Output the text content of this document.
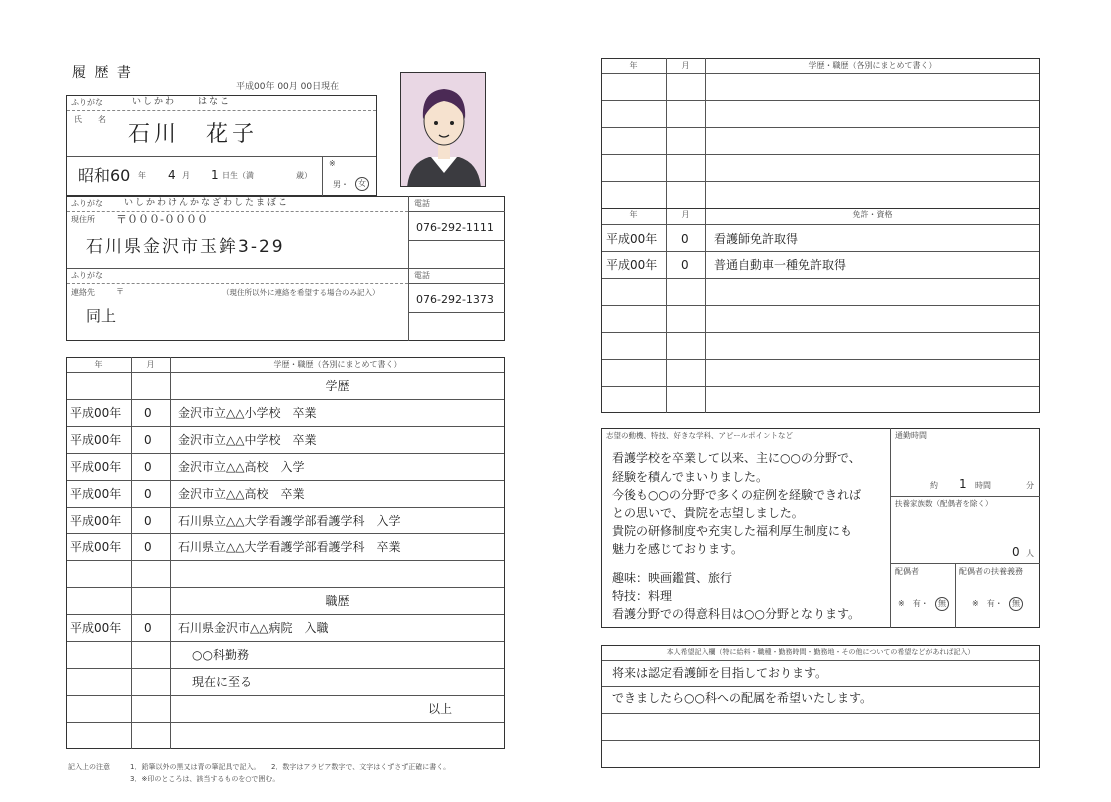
履 歴 書
平成00年 00月 00日現在
ふりがな	いしかわ　　はなこ
氏　名
石川　花子
昭和60 年 4 月 1 日生（満	歳）
※
男・	女
ふりがな いしかわけんかなざわしたまぼこ
現住所 〒０００-００００
石川県金沢市玉鉾3-29
電話
076-292-1111
ふりがな	電話
連絡先	〒	（現住所以外に連絡を希望する場合のみ記入）
076-292-1373
同上
年	月	学歴・職歴（各別にまとめて書く）
学歴
平成00年 0 金沢市立△△小学校　卒業
平成00年 0 金沢市立△△中学校　卒業
平成00年 0 金沢市立△△高校　入学
平成00年 0 金沢市立△△高校　卒業
平成00年 0 石川県立△△大学看護学部看護学科　入学
平成00年 0 石川県立△△大学看護学部看護学科　卒業
職歴
平成00年 0 石川県金沢市△△病院　入職
○○科勤務
現在に至る
以上
記入上の注意	1．鉛筆以外の黒又は青の筆記具で記入。　　2．数字はアラビア数字で、文字はくずさず正確に書く。
3．※印のところは、該当するものを○で囲む。
年	月	学歴・職歴（各別にまとめて書く）
年	月	免許・資格
平成00年 0 看護師免許取得
平成00年 0 普通自動車一種免許取得
志望の動機、特技、好きな学科、アピールポイントなど
看護学校を卒業して以来、主に○○の分野で、
経験を積んでまいりました。
今後も○○の分野で多くの症例を経験できれば
との思いで、貴院を志望しました。
貴院の研修制度や充実した福利厚生制度にも
魅力を感じております。
趣味：映画鑑賞、旅行
特技：料理
看護分野での得意科目は○○分野となります。
通勤時間
約 1 時間	分
扶養家族数（配偶者を除く）
0 人
配偶者
※　有・	無
配偶者の扶養義務
※　有・	無
本人希望記入欄（特に給料・職種・勤務時間・勤務地・その他についての希望などがあれば記入）
将来は認定看護師を目指しております。
できましたら○○科への配属を希望いたします。
